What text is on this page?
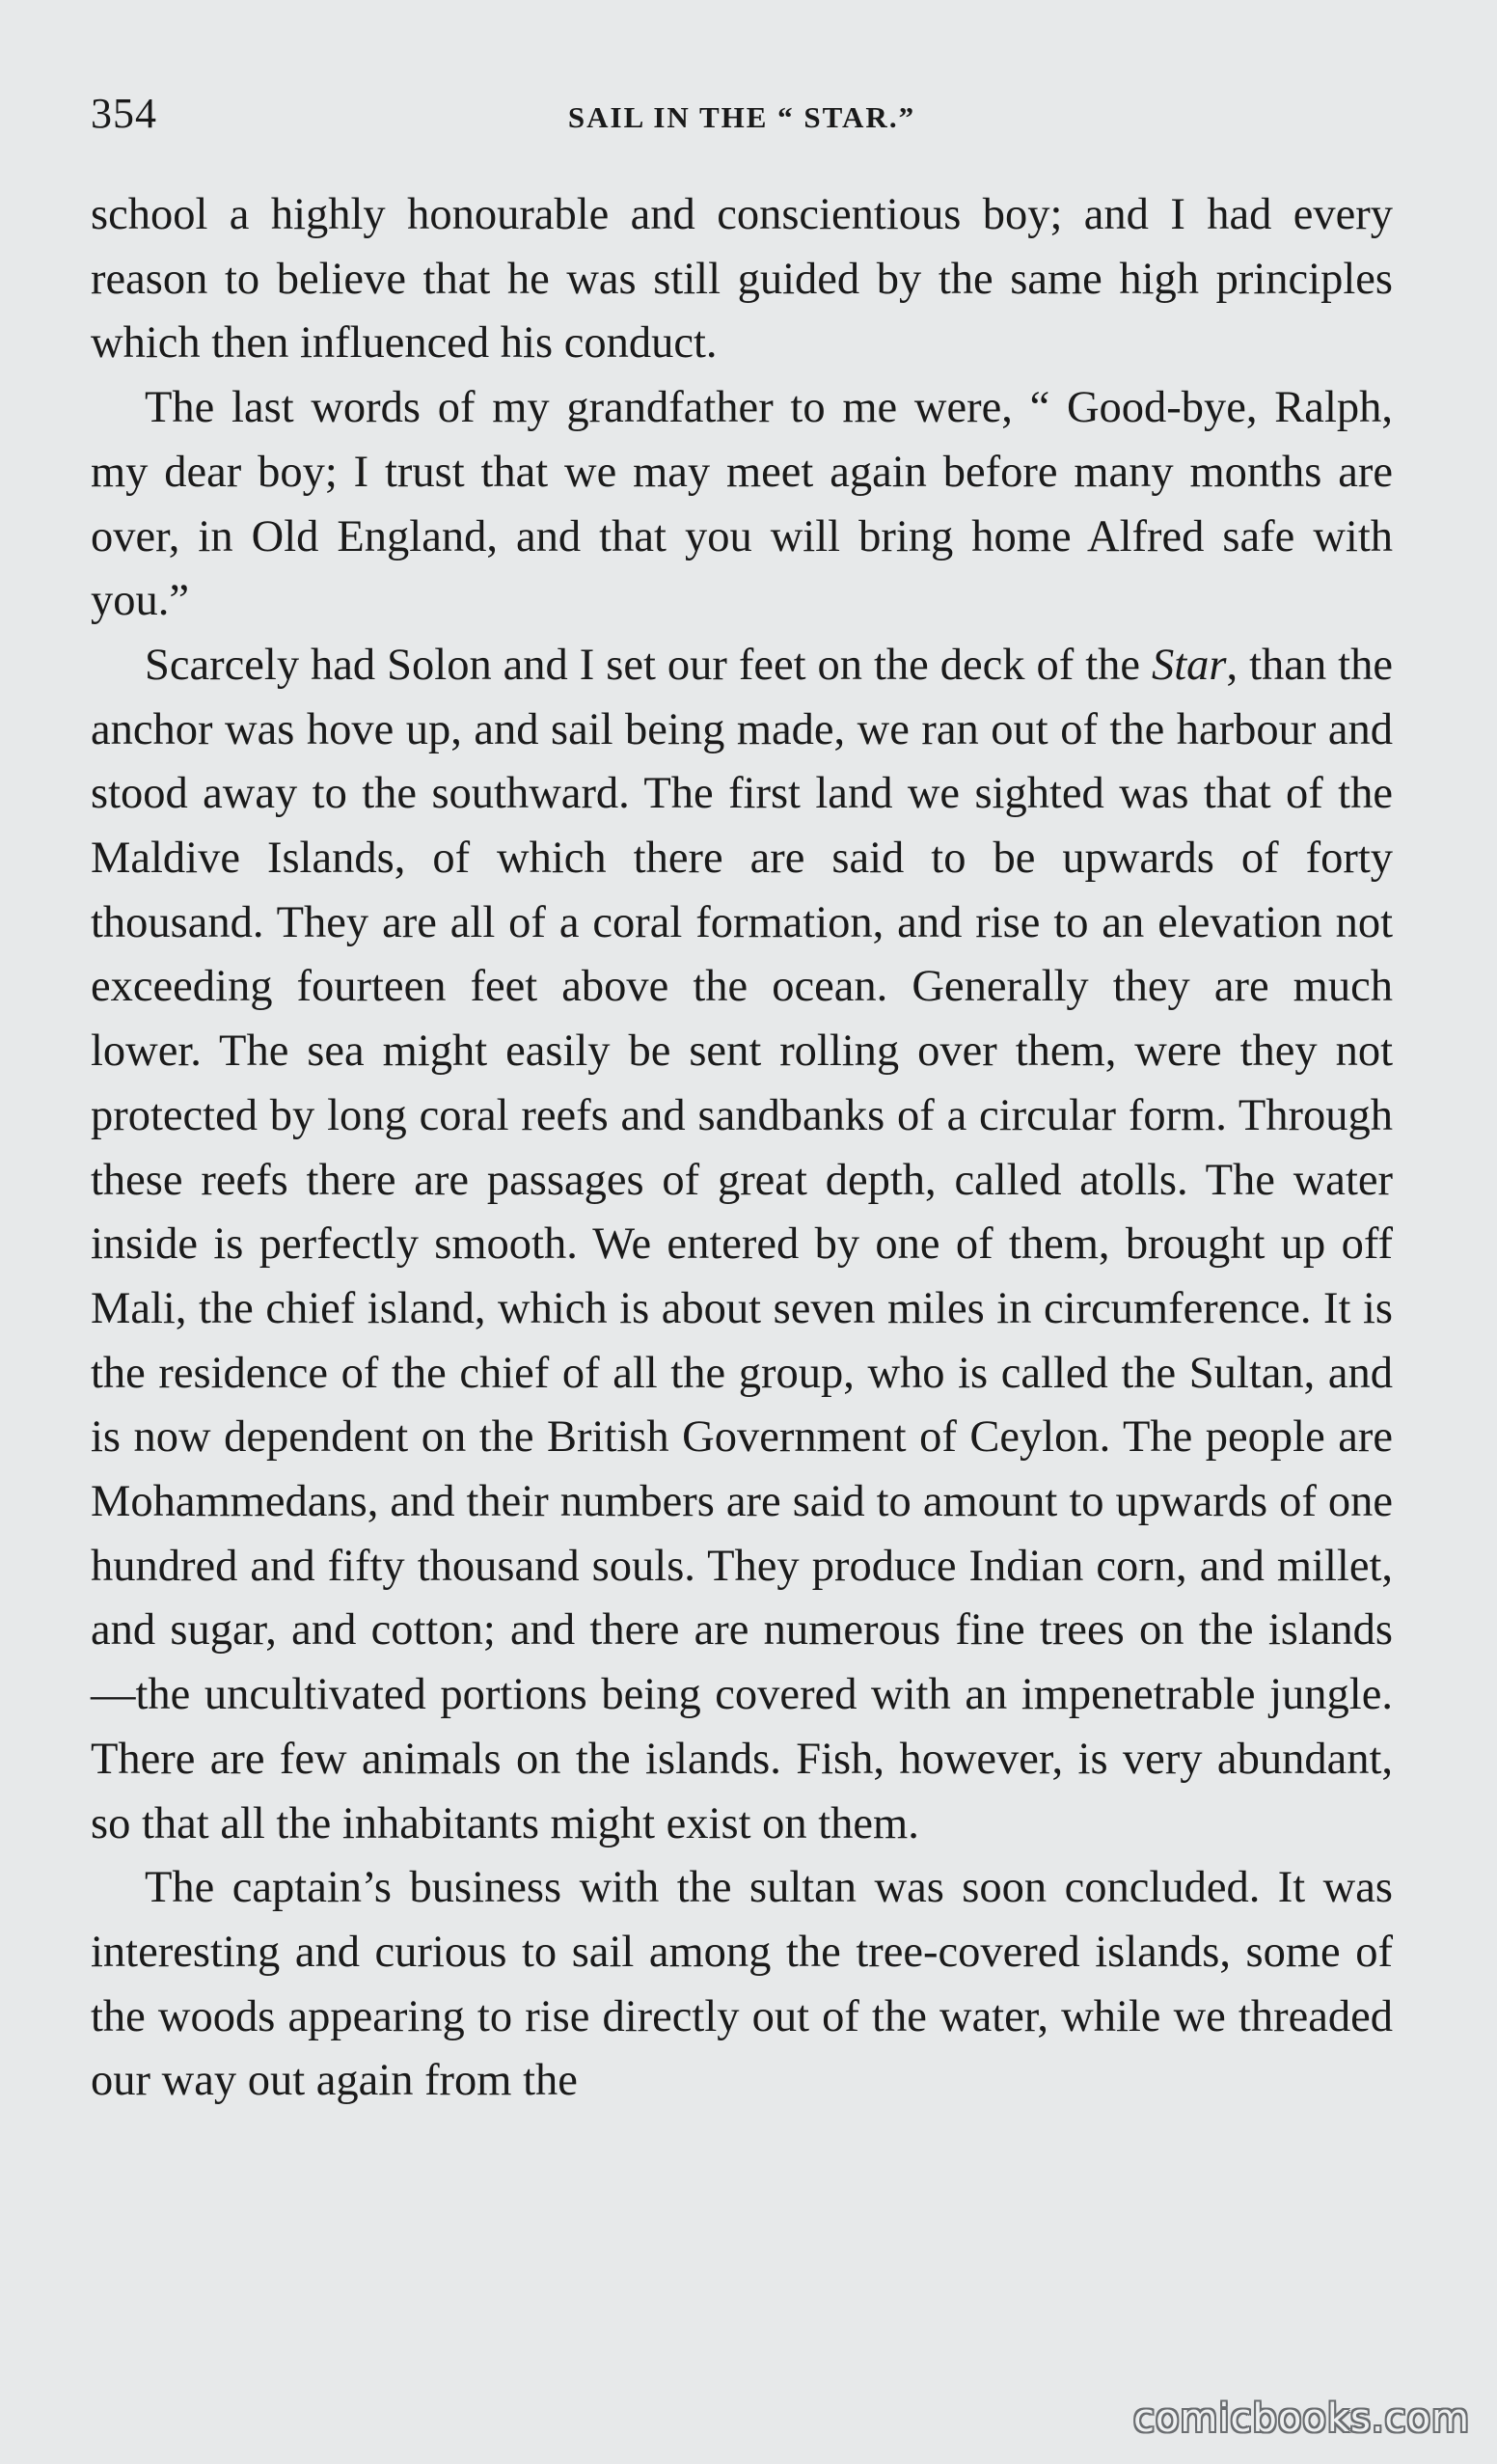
354	SAIL IN THE “ STAR.”

school a highly honourable and conscientious boy; and I had every reason to believe that he was still guided by the same high principles which then influenced his conduct.

The last words of my grandfather to me were, “ Good-bye, Ralph, my dear boy; I trust that we may meet again before many months are over, in Old England, and that you will bring home Alfred safe with you.”

Scarcely had Solon and I set our feet on the deck of the Star, than the anchor was hove up, and sail being made, we ran out of the harbour and stood away to the southward. The first land we sighted was that of the Maldive Islands, of which there are said to be upwards of forty thousand. They are all of a coral formation, and rise to an elevation not exceeding fourteen feet above the ocean. Generally they are much lower. The sea might easily be sent rolling over them, were they not protected by long coral reefs and sandbanks of a circular form. Through these reefs there are passages of great depth, called atolls. The water inside is perfectly smooth. We entered by one of them, brought up off Mali, the chief island, which is about seven miles in circumference. It is the residence of the chief of all the group, who is called the Sultan, and is now dependent on the British Government of Ceylon. The people are Mohammedans, and their numbers are said to amount to upwards of one hundred and fifty thousand souls. They produce Indian corn, and millet, and sugar, and cotton; and there are numerous fine trees on the islands—the uncultivated portions being covered with an impenetrable jungle. There are few animals on the islands. Fish, however, is very abundant, so that all the inhabitants might exist on them.

The captain’s business with the sultan was soon concluded. It was interesting and curious to sail among the tree-covered islands, some of the woods appearing to rise directly out of the water, while we threaded our way out again from the

comicbooks.com
